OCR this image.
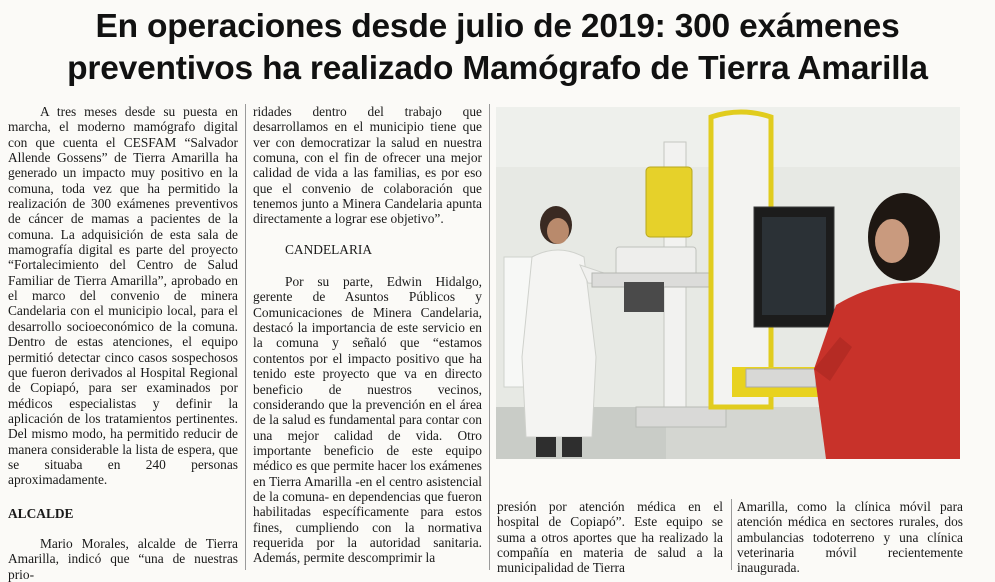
En operaciones desde julio de 2019: 300 exámenes
preventivos ha realizado Mamógrafo de Tierra Amarilla

A tres meses desde su puesta en marcha, el moderno mamógrafo digital con que cuenta el CESFAM “Salvador Allende Gossens” de Tierra Amarilla ha generado un impacto muy positivo en la comuna, toda vez que ha permitido la realización de 300 exámenes preventivos de cáncer de mamas a pacientes de la comuna. La adquisición de esta sala de mamografía digital es parte del proyecto “Fortalecimiento del Centro de Salud Familiar de Tierra Amarilla”, aprobado en el marco del convenio de minera Candelaria con el municipio local, para el desarrollo socioeconómico de la comuna. Dentro de estas atenciones, el equipo permitió detectar cinco casos sospechosos que fueron derivados al Hospital Regional de Copiapó, para ser examinados por médicos especialistas y definir la aplicación de los tratamientos pertinentes. Del mismo modo, ha permitido reducir de manera considerable la lista de espera, que se situaba en 240 personas aproximadamente.

ALCALDE

Mario Morales, alcalde de Tierra Amarilla, indicó que “una de nuestras prio-

ridades dentro del trabajo que desarrollamos en el municipio tiene que ver con democratizar la salud en nuestra comuna, con el fin de ofrecer una mejor calidad de vida a las familias, es por eso que el convenio de colaboración que tenemos junto a Minera Candelaria apunta directamente a lograr ese objetivo”.

CANDELARIA

Por su parte, Edwin Hidalgo, gerente de Asuntos Públicos y Comunicaciones de Minera Candelaria, destacó la importancia de este servicio en la comuna y señaló que “estamos contentos por el impacto positivo que ha tenido este proyecto que va en directo beneficio de nuestros vecinos, considerando que la prevención en el área de la salud es fundamental para contar con una mejor calidad de vida. Otro importante beneficio de este equipo médico es que permite hacer los exámenes en Tierra Amarilla -en el centro asistencial de la comuna- en dependencias que fueron habilitadas específicamente para estos fines, cumpliendo con la normativa requerida por la autoridad sanitaria. Además, permite descomprimir la

presión por atención médica en el hospital de Copiapó”. Este equipo se suma a otros aportes que ha realizado la compañía en materia de salud a la municipalidad de Tierra

Amarilla, como la clínica móvil para atención médica en sectores rurales, dos ambulancias todoterreno y una clínica veterinaria móvil recientemente inaugurada.
